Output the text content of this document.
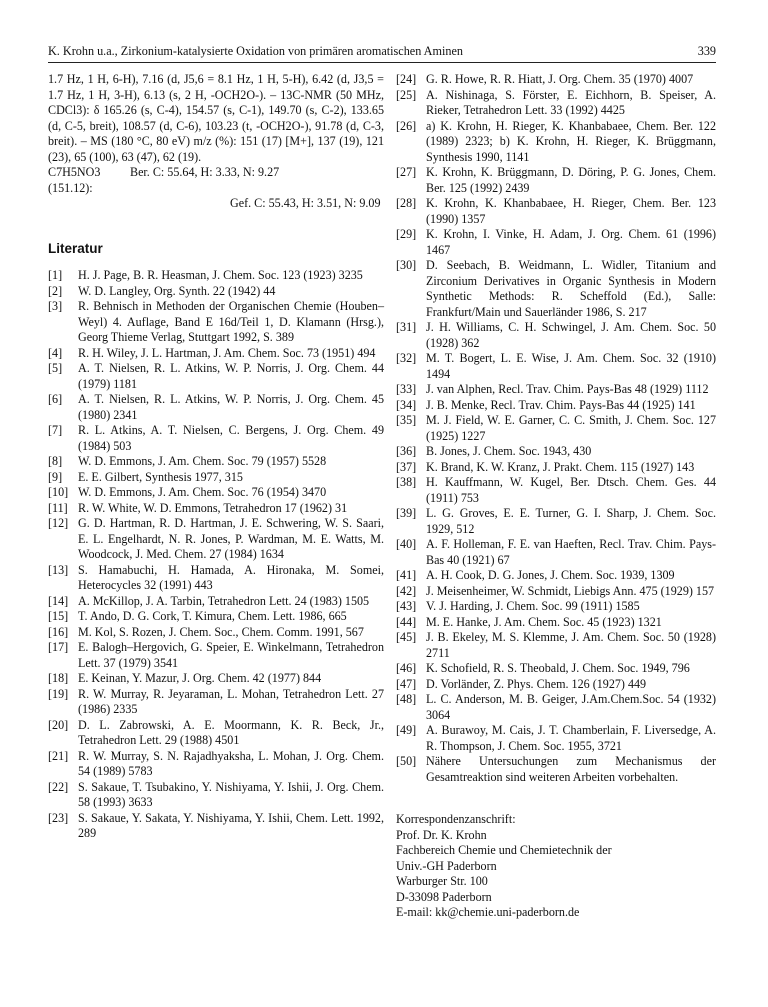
K. Krohn u.a., Zirkonium-katalysierte Oxidation von primären aromatischen Aminen	339

1.7 Hz, 1 H, 6-H), 7.16 (d, J5,6 = 8.1 Hz, 1 H, 5-H), 6.42 (d, J3,5 = 1.7 Hz, 1 H, 3-H), 6.13 (s, 2 H, -OCH2O-). – 13C-NMR (50 MHz, CDCl3): δ 165.26 (s, C-4), 154.57 (s, C-1), 149.70 (s, C-2), 133.65 (d, C-5, breit), 108.57 (d, C-6), 103.23 (t, -OCH2O-), 91.78 (d, C-3, breit). – MS (180 °C, 80 eV) m/z (%): 151 (17) [M+], 137 (19), 121 (23), 65 (100), 63 (47), 62 (19).

C7H5NO3 (151.12):
Ber. C: 55.64, H: 3.33, N: 9.27
Gef. C: 55.43, H: 3.51, N: 9.09
Literatur
[1]	H. J. Page, B. R. Heasman, J. Chem. Soc. 123 (1923) 3235
[2]	W. D. Langley, Org. Synth. 22 (1942) 44
[3]	R. Behnisch in Methoden der Organischen Chemie (Houben–Weyl) 4. Auflage, Band E 16d/Teil 1, D. Klamann (Hrsg.), Georg Thieme Verlag, Stuttgart 1992, S. 389
[4]	R. H. Wiley, J. L. Hartman, J. Am. Chem. Soc. 73 (1951) 494
[5]	A. T. Nielsen, R. L. Atkins, W. P. Norris, J. Org. Chem. 44 (1979) 1181
[6]	A. T. Nielsen, R. L. Atkins, W. P. Norris, J. Org. Chem. 45 (1980) 2341
[7]	R. L. Atkins, A. T. Nielsen, C. Bergens, J. Org. Chem. 49 (1984) 503
[8]	W. D. Emmons, J. Am. Chem. Soc. 79 (1957) 5528
[9]	E. E. Gilbert, Synthesis 1977, 315
[10] W. D. Emmons, J. Am. Chem. Soc. 76 (1954) 3470
[11] R. W. White, W. D. Emmons, Tetrahedron 17 (1962) 31
[12] G. D. Hartman, R. D. Hartman, J. E. Schwering, W. S. Saari, E. L. Engelhardt, N. R. Jones, P. Wardman, M. E. Watts, M. Woodcock, J. Med. Chem. 27 (1984) 1634
[13] S. Hamabuchi, H. Hamada, A. Hironaka, M. Somei, Heterocycles 32 (1991) 443
[14] A. McKillop, J. A. Tarbin, Tetrahedron Lett. 24 (1983) 1505
[15] T. Ando, D. G. Cork, T. Kimura, Chem. Lett. 1986, 665
[16] M. Kol, S. Rozen, J. Chem. Soc., Chem. Comm. 1991, 567
[17] E. Balogh–Hergovich, G. Speier, E. Winkelmann, Tetrahedron Lett. 37 (1979) 3541
[18] E. Keinan, Y. Mazur, J. Org. Chem. 42 (1977) 844
[19] R. W. Murray, R. Jeyaraman, L. Mohan, Tetrahedron Lett. 27 (1986) 2335
[20] D. L. Zabrowski, A. E. Moormann, K. R. Beck, Jr., Tetrahedron Lett. 29 (1988) 4501
[21] R. W. Murray, S. N. Rajadhyaksha, L. Mohan, J. Org. Chem. 54 (1989) 5783
[22] S. Sakaue, T. Tsubakino, Y. Nishiyama, Y. Ishii, J. Org. Chem. 58 (1993) 3633
[23] S. Sakaue, Y. Sakata, Y. Nishiyama, Y. Ishii, Chem. Lett. 1992, 289
[24] G. R. Howe, R. R. Hiatt, J. Org. Chem. 35 (1970) 4007
[25] A. Nishinaga, S. Förster, E. Eichhorn, B. Speiser, A. Rieker, Tetrahedron Lett. 33 (1992) 4425
[26] a) K. Krohn, H. Rieger, K. Khanbabaee, Chem. Ber. 122 (1989) 2323; b) K. Krohn, H. Rieger, K. Brüggmann, Synthesis 1990, 1141
[27] K. Krohn, K. Brüggmann, D. Döring, P. G. Jones, Chem. Ber. 125 (1992) 2439
[28] K. Krohn, K. Khanbabaee, H. Rieger, Chem. Ber. 123 (1990) 1357
[29] K. Krohn, I. Vinke, H. Adam, J. Org. Chem. 61 (1996) 1467
[30] D. Seebach, B. Weidmann, L. Widler, Titanium and Zirconium Derivatives in Organic Synthesis in Modern Synthetic Methods: R. Scheffold (Ed.), Salle: Frankfurt/Main und Sauerländer 1986, S. 217
[31] J. H. Williams, C. H. Schwingel, J. Am. Chem. Soc. 50 (1928) 362
[32] M. T. Bogert, L. E. Wise, J. Am. Chem. Soc. 32 (1910) 1494
[33] J. van Alphen, Recl. Trav. Chim. Pays-Bas 48 (1929) 1112
[34] J. B. Menke, Recl. Trav. Chim. Pays-Bas 44 (1925) 141
[35] M. J. Field, W. E. Garner, C. C. Smith, J. Chem. Soc. 127 (1925) 1227
[36] B. Jones, J. Chem. Soc. 1943, 430
[37] K. Brand, K. W. Kranz, J. Prakt. Chem. 115 (1927) 143
[38] H. Kauffmann, W. Kugel, Ber. Dtsch. Chem. Ges. 44 (1911) 753
[39] L. G. Groves, E. E. Turner, G. I. Sharp, J. Chem. Soc. 1929, 512
[40] A. F. Holleman, F. E. van Haeften, Recl. Trav. Chim. Pays-Bas 40 (1921) 67
[41] A. H. Cook, D. G. Jones, J. Chem. Soc. 1939, 1309
[42] J. Meisenheimer, W. Schmidt, Liebigs Ann. 475 (1929) 157
[43] V. J. Harding, J. Chem. Soc. 99 (1911) 1585
[44] M. E. Hanke, J. Am. Chem. Soc. 45 (1923) 1321
[45] J. B. Ekeley, M. S. Klemme, J. Am. Chem. Soc. 50 (1928) 2711
[46] K. Schofield, R. S. Theobald, J. Chem. Soc. 1949, 796
[47] D. Vorländer, Z. Phys. Chem. 126 (1927) 449
[48] L. C. Anderson, M. B. Geiger, J.Am.Chem.Soc. 54 (1932) 3064
[49] A. Burawoy, M. Cais, J. T. Chamberlain, F. Liversedge, A. R. Thompson, J. Chem. Soc. 1955, 3721
[50] Nähere Untersuchungen zum Mechanismus der Gesamtreaktion sind weiteren Arbeiten vorbehalten.
Korrespondenzanschrift:
Prof. Dr. K. Krohn
Fachbereich Chemie und Chemietechnik der
Univ.-GH Paderborn
Warburger Str. 100
D-33098 Paderborn
E-mail: kk@chemie.uni-paderborn.de
